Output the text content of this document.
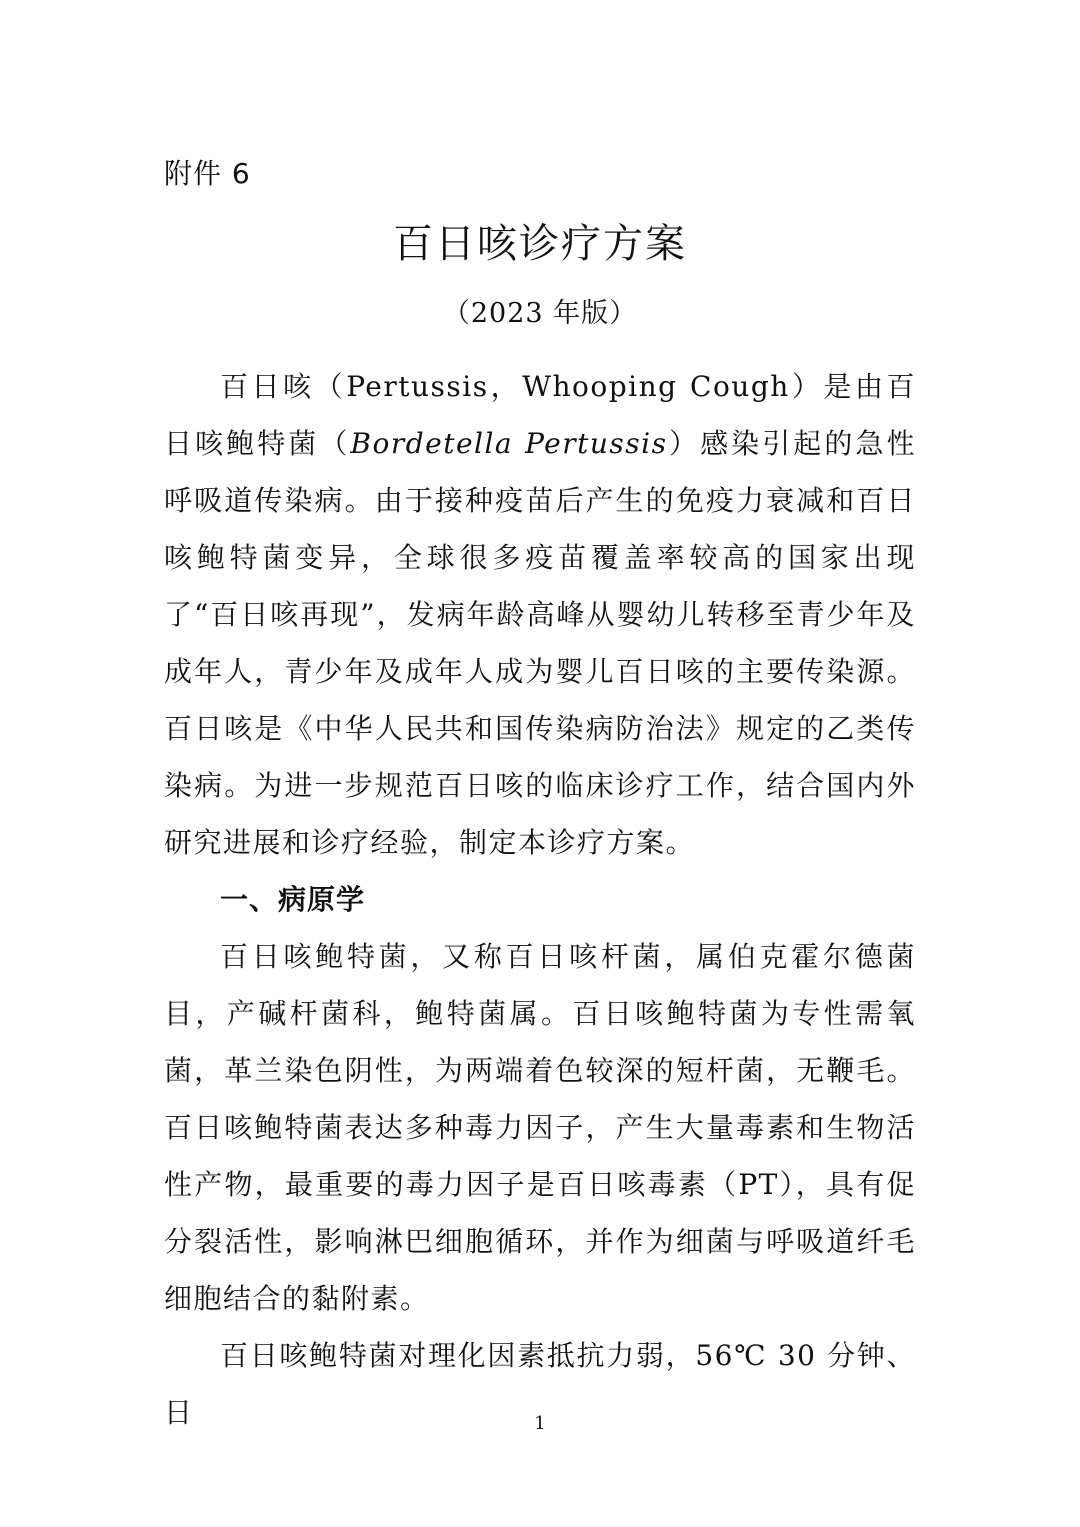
附件 6
百日咳诊疗方案
（2023 年版）

百日咳（Pertussis，Whooping Cough）是由百日咳鲍特菌（Bordetella Pertussis）感染引起的急性呼吸道传染病。由于接种疫苗后产生的免疫力衰减和百日咳鲍特菌变异，全球很多疫苗覆盖率较高的国家出现了“百日咳再现”，发病年龄高峰从婴幼儿转移至青少年及成年人，青少年及成年人成为婴儿百日咳的主要传染源。百日咳是《中华人民共和国传染病防治法》规定的乙类传染病。为进一步规范百日咳的临床诊疗工作，结合国内外研究进展和诊疗经验，制定本诊疗方案。

一、病原学

百日咳鲍特菌，又称百日咳杆菌，属伯克霍尔德菌目，产碱杆菌科，鲍特菌属。百日咳鲍特菌为专性需氧菌，革兰染色阴性，为两端着色较深的短杆菌，无鞭毛。百日咳鲍特菌表达多种毒力因子，产生大量毒素和生物活性产物，最重要的毒力因子是百日咳毒素（PT），具有促分裂活性，影响淋巴细胞循环，并作为细菌与呼吸道纤毛细胞结合的黏附素。

百日咳鲍特菌对理化因素抵抗力弱，56℃ 30 分钟、日	1
